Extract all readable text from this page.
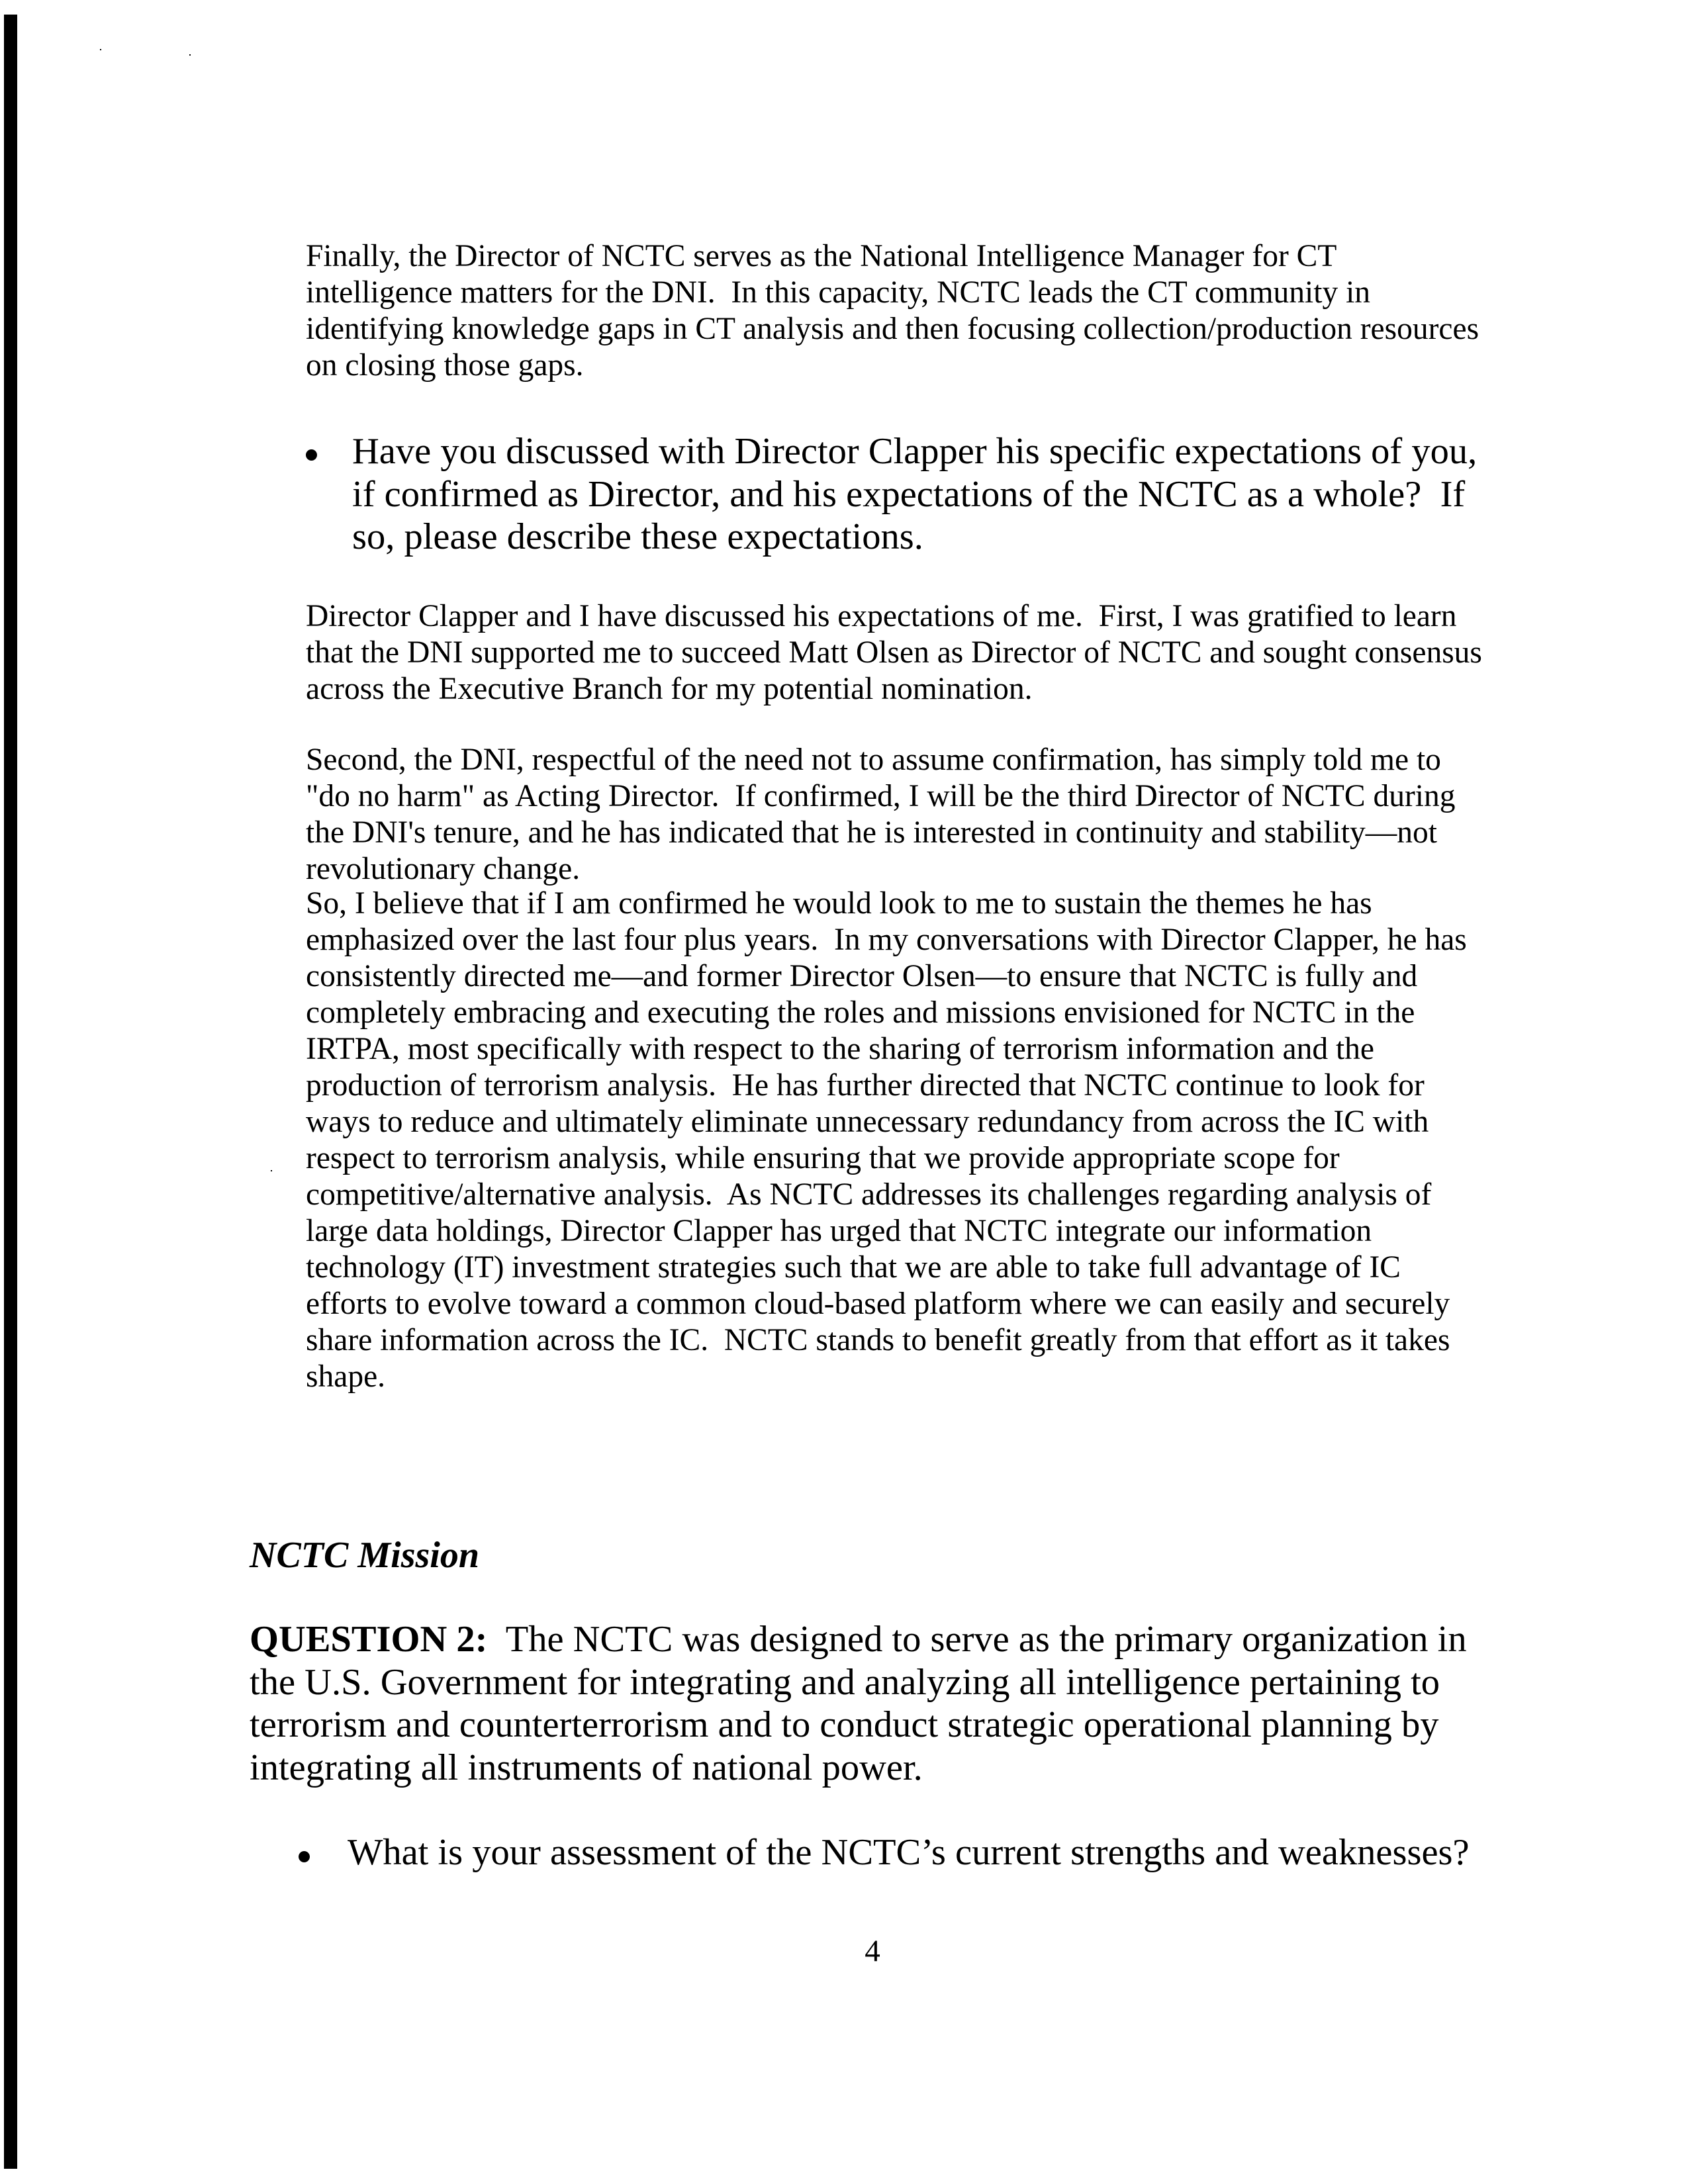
Finally, the Director of NCTC serves as the National Intelligence Manager for CT
intelligence matters for the DNI.  In this capacity, NCTC leads the CT community in
identifying knowledge gaps in CT analysis and then focusing collection/production resources
on closing those gaps.
Have you discussed with Director Clapper his specific expectations of you,
if confirmed as Director, and his expectations of the NCTC as a whole?  If
so, please describe these expectations.
Director Clapper and I have discussed his expectations of me.  First, I was gratified to learn
that the DNI supported me to succeed Matt Olsen as Director of NCTC and sought consensus
across the Executive Branch for my potential nomination.
Second, the DNI, respectful of the need not to assume confirmation, has simply told me to
"do no harm" as Acting Director.  If confirmed, I will be the third Director of NCTC during
the DNI's tenure, and he has indicated that he is interested in continuity and stability—not
revolutionary change.
So, I believe that if I am confirmed he would look to me to sustain the themes he has
emphasized over the last four plus years.  In my conversations with Director Clapper, he has
consistently directed me—and former Director Olsen—to ensure that NCTC is fully and
completely embracing and executing the roles and missions envisioned for NCTC in the
IRTPA, most specifically with respect to the sharing of terrorism information and the
production of terrorism analysis.  He has further directed that NCTC continue to look for
ways to reduce and ultimately eliminate unnecessary redundancy from across the IC with
respect to terrorism analysis, while ensuring that we provide appropriate scope for
competitive/alternative analysis.  As NCTC addresses its challenges regarding analysis of
large data holdings, Director Clapper has urged that NCTC integrate our information
technology (IT) investment strategies such that we are able to take full advantage of IC
efforts to evolve toward a common cloud-based platform where we can easily and securely
share information across the IC.  NCTC stands to benefit greatly from that effort as it takes
shape.
NCTC Mission
QUESTION 2:  The NCTC was designed to serve as the primary organization in
the U.S. Government for integrating and analyzing all intelligence pertaining to
terrorism and counterterrorism and to conduct strategic operational planning by
integrating all instruments of national power.
What is your assessment of the NCTC’s current strengths and weaknesses?
4
